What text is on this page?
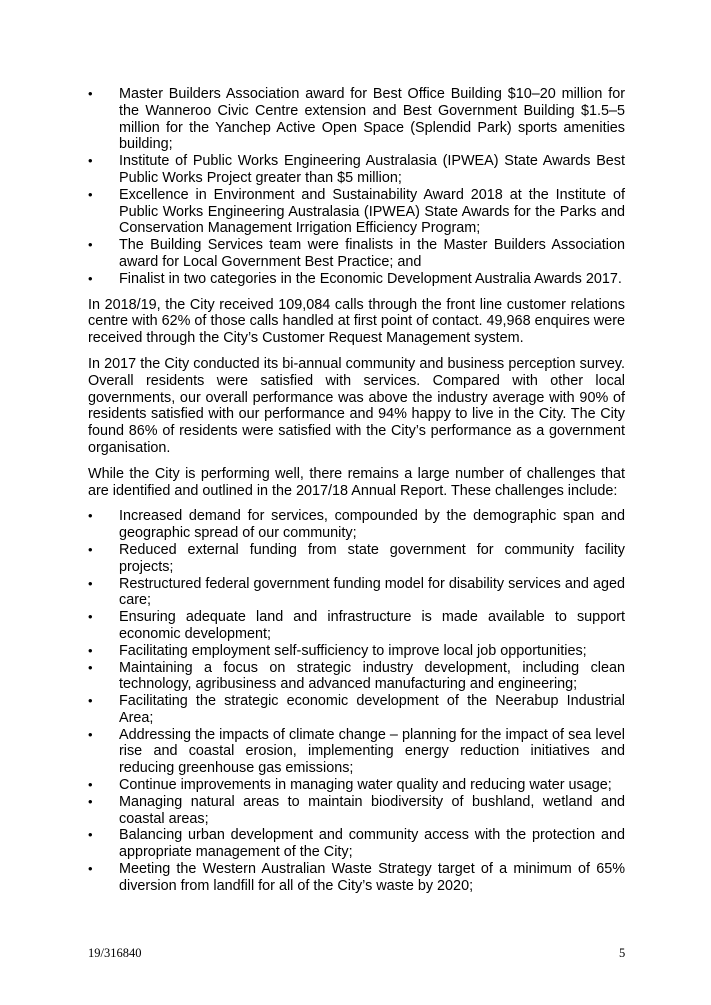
• Master Builders Association award for Best Office Building $10–20 million for the Wanneroo Civic Centre extension and Best Government Building $1.5–5 million for the Yanchep Active Open Space (Splendid Park) sports amenities building;
• Institute of Public Works Engineering Australasia (IPWEA) State Awards Best Public Works Project greater than $5 million;
• Excellence in Environment and Sustainability Award 2018 at the Institute of Public Works Engineering Australasia (IPWEA) State Awards for the Parks and Conservation Management Irrigation Efficiency Program;
• The Building Services team were finalists in the Master Builders Association award for Local Government Best Practice; and
• Finalist in two categories in the Economic Development Australia Awards 2017.

In 2018/19, the City received 109,084 calls through the front line customer relations centre with 62% of those calls handled at first point of contact. 49,968 enquires were received through the City’s Customer Request Management system.

In 2017 the City conducted its bi-annual community and business perception survey. Overall residents were satisfied with services. Compared with other local governments, our overall performance was above the industry average with 90% of residents satisfied with our performance and 94% happy to live in the City. The City found 86% of residents were satisfied with the City’s performance as a government organisation.

While the City is performing well, there remains a large number of challenges that are identified and outlined in the 2017/18 Annual Report. These challenges include:

• Increased demand for services, compounded by the demographic span and geographic spread of our community;
• Reduced external funding from state government for community facility projects;
• Restructured federal government funding model for disability services and aged care;
• Ensuring adequate land and infrastructure is made available to support economic development;
• Facilitating employment self-sufficiency to improve local job opportunities;
• Maintaining a focus on strategic industry development, including clean technology, agribusiness and advanced manufacturing and engineering;
• Facilitating the strategic economic development of the Neerabup Industrial Area;
• Addressing the impacts of climate change – planning for the impact of sea level rise and coastal erosion, implementing energy reduction initiatives and reducing greenhouse gas emissions;
• Continue improvements in managing water quality and reducing water usage;
• Managing natural areas to maintain biodiversity of bushland, wetland and coastal areas;
• Balancing urban development and community access with the protection and appropriate management of the City;
• Meeting the Western Australian Waste Strategy target of a minimum of 65% diversion from landfill for all of the City’s waste by 2020;
19/316840	5
